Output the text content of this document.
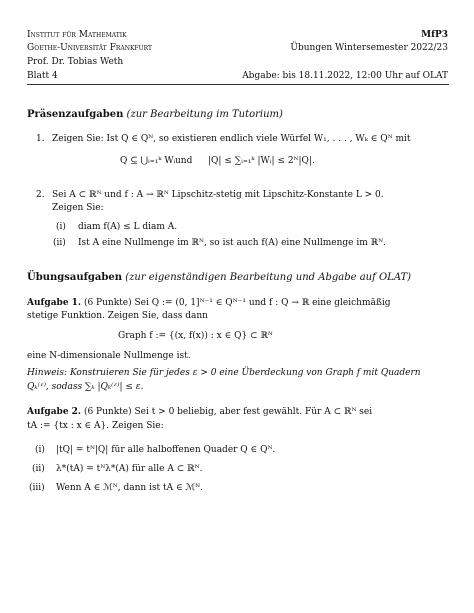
Institut für Mathematik
Goethe-Universität Frankfurt
Prof. Dr. Tobias Weth
Blatt 4
MfP3
Übungen Wintersemester 2022/23
Abgabe: bis 18.11.2022, 12:00 Uhr auf OLAT
Präsenzaufgaben (zur Bearbeitung im Tutorium)
1. Zeigen Sie: Ist Q ∈ Qᴺ, so existieren endlich viele Würfel W₁, . . . , Wₖ ∈ Qᴺ mit
Q ⊆ ⋃ᵢ₌₁ᵏ Wᵢ und |Q| ≤ ∑ᵢ₌₁ᵏ |Wᵢ| ≤ 2ᴺ|Q|.
2. Sei A ⊂ ℝᴺ und f : A → ℝᴺ Lipschitz-stetig mit Lipschitz-Konstante L > 0.
Zeigen Sie:
(i) diam f(A) ≤ L diam A.
(ii) Ist A eine Nullmenge im ℝᴺ, so ist auch f(A) eine Nullmenge im ℝᴺ.
Übungsaufgaben (zur eigenständigen Bearbeitung und Abgabe auf OLAT)
Aufgabe 1. (6 Punkte) Sei Q := (0, 1]ᴺ⁻¹ ∈ Qᴺ⁻¹ und f : Q → ℝ eine gleichmäßig
stetige Funktion. Zeigen Sie, dass dann
Graph f := {(x, f(x)) : x ∈ Q} ⊂ ℝᴺ
eine N-dimensionale Nullmenge ist.
Hinweis: Konstruieren Sie für jedes ε > 0 eine Überdeckung von Graph f mit Quadern
Qₖ⁽ᵋ⁾, sodass ∑ₖ |Qₖ⁽ᵋ⁾| ≤ ε.
Aufgabe 2. (6 Punkte) Sei t > 0 beliebig, aber fest gewählt. Für A ⊂ ℝᴺ sei
tA := {tx : x ∈ A}. Zeigen Sie:
(i) |tQ| = tᴺ|Q| für alle halboffenen Quader Q ∈ Qᴺ.
(ii) λ*(tA) = tᴺλ*(A) für alle A ⊂ ℝᴺ.
(iii) Wenn A ∈ ℳᴺ, dann ist tA ∈ ℳᴺ.
